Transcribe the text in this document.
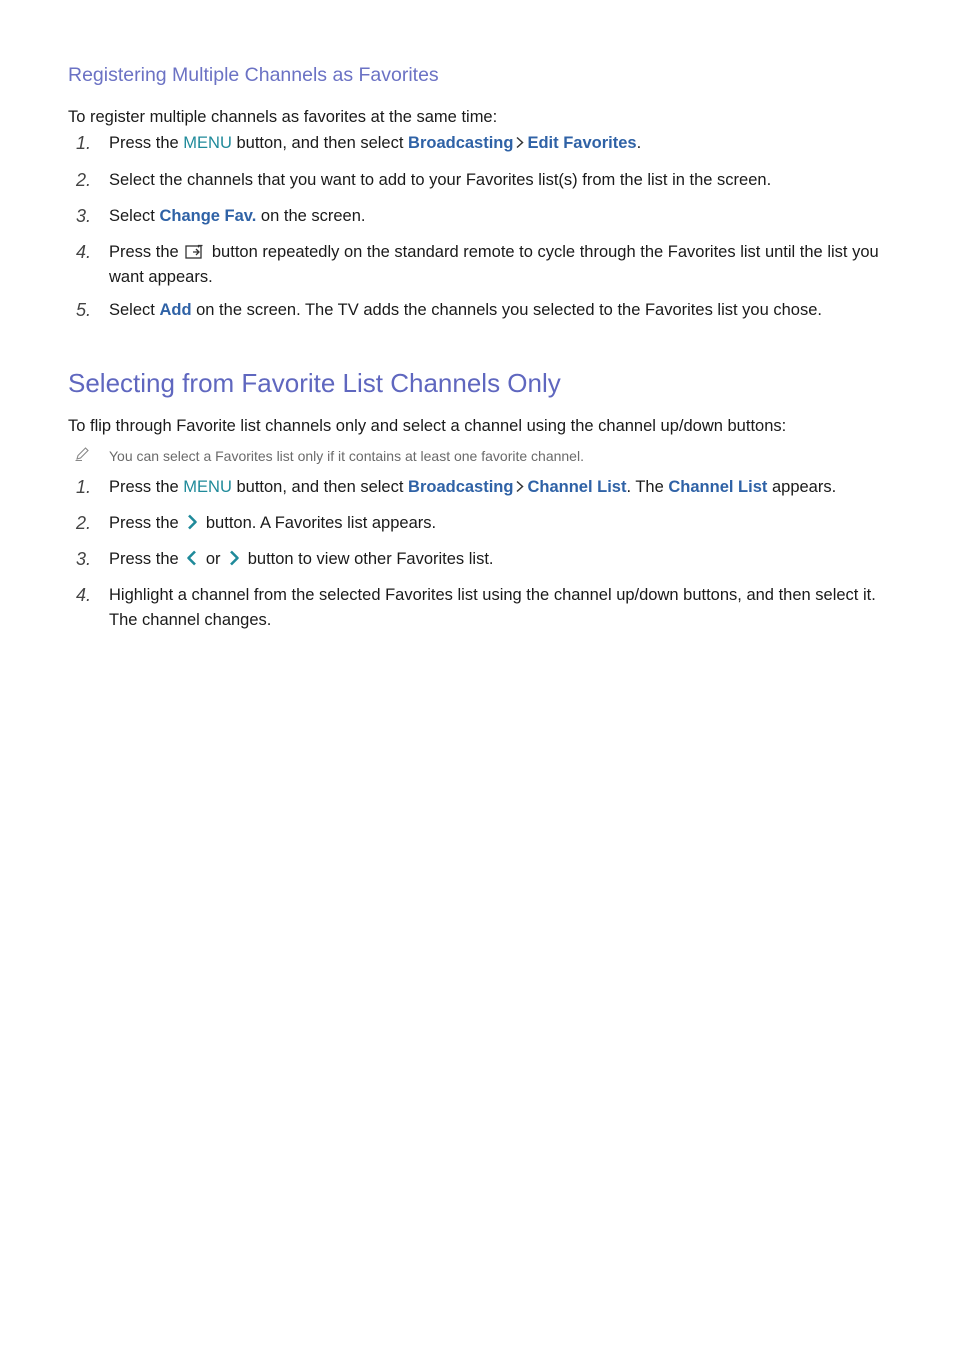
Registering Multiple Channels as Favorites
To register multiple channels as favorites at the same time:
1. Press the MENU button, and then select Broadcasting Edit Favorites.
2. Select the channels that you want to add to your Favorites list(s) from the list in the screen.
3. Select Change Fav. on the screen.
4. Press the  button repeatedly on the standard remote to cycle through the Favorites list until the list you want appears.
5. Select Add on the screen. The TV adds the channels you selected to the Favorites list you chose.
Selecting from Favorite List Channels Only
To flip through Favorite list channels only and select a channel using the channel up/down buttons:
You can select a Favorites list only if it contains at least one favorite channel.
1. Press the MENU button, and then select Broadcasting Channel List. The Channel List appears.
2. Press the  button. A Favorites list appears.
3. Press the  or  button to view other Favorites list.
4. Highlight a channel from the selected Favorites list using the channel up/down buttons, and then select it. The channel changes.
